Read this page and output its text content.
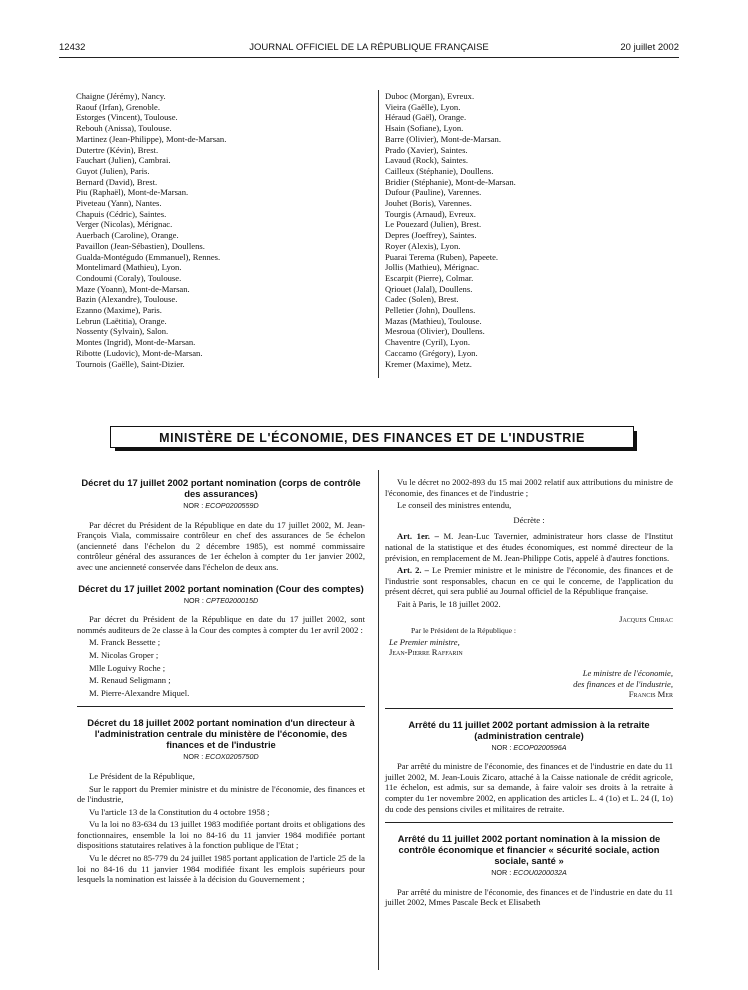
12432	JOURNAL OFFICIEL DE LA RÉPUBLIQUE FRANÇAISE	20 juillet 2002
Chaigne (Jérémy), Nancy.
Raouf (Irfan), Grenoble.
Estorges (Vincent), Toulouse.
Rebouh (Anissa), Toulouse.
Martinez (Jean-Philippe), Mont-de-Marsan.
Dutertre (Kévin), Brest.
Fauchart (Julien), Cambrai.
Guyot (Julien), Paris.
Bernard (David), Brest.
Piu (Raphaël), Mont-de-Marsan.
Piveteau (Yann), Nantes.
Chapuis (Cédric), Saintes.
Verger (Nicolas), Mérignac.
Auerbach (Caroline), Orange.
Pavaillon (Jean-Sébastien), Doullens.
Gualda-Montégudo (Emmanuel), Rennes.
Montelimard (Mathieu), Lyon.
Condoumi (Coraly), Toulouse.
Maze (Yoann), Mont-de-Marsan.
Bazin (Alexandre), Toulouse.
Ezanno (Maxime), Paris.
Lebrun (Laëtitia), Orange.
Nossenty (Sylvain), Salon.
Montes (Ingrid), Mont-de-Marsan.
Ribotte (Ludovic), Mont-de-Marsan.
Tournois (Gaëlle), Saint-Dizier.
Duboc (Morgan), Evreux.
Vieira (Gaëlle), Lyon.
Héraud (Gaël), Orange.
Hsain (Sofiane), Lyon.
Barre (Olivier), Mont-de-Marsan.
Prado (Xavier), Saintes.
Lavaud (Rock), Saintes.
Cailleux (Stéphanie), Doullens.
Bridier (Stéphanie), Mont-de-Marsan.
Dufour (Pauline), Varennes.
Jouhet (Boris), Varennes.
Tourgis (Arnaud), Evreux.
Le Pouezard (Julien), Brest.
Depres (Joeffrey), Saintes.
Royer (Alexis), Lyon.
Puarai Terema (Ruben), Papeete.
Jollis (Mathieu), Mérignac.
Escarpit (Pierre), Colmar.
Qriouet (Jalal), Doullens.
Cadec (Solen), Brest.
Pelletier (John), Doullens.
Mazas (Mathieu), Toulouse.
Mesroua (Olivier), Doullens.
Chaventre (Cyril), Lyon.
Caccamo (Grégory), Lyon.
Kremer (Maxime), Metz.
MINISTÈRE DE L'ÉCONOMIE, DES FINANCES ET DE L'INDUSTRIE
Décret du 17 juillet 2002 portant nomination (corps de contrôle des assurances)
NOR : ECOP0200559D

Par décret du Président de la République en date du 17 juillet 2002, M. Jean-François Viala, commissaire contrôleur en chef des assurances de 5e échelon (ancienneté dans l'échelon du 2 décembre 1985), est nommé commissaire contrôleur général des assurances de 1er échelon à compter du 1er janvier 2002, avec une ancienneté conservée dans l'échelon de deux ans.

Décret du 17 juillet 2002 portant nomination (Cour des comptes)
NOR : CPTE0200015D

Par décret du Président de la République en date du 17 juillet 2002, sont nommés auditeurs de 2e classe à la Cour des comptes à compter du 1er avril 2002 :

M. Franck Bessette ;
M. Nicolas Groper ;
Mlle Loguivy Roche ;
M. Renaud Seligmann ;
M. Pierre-Alexandre Miquel.
Décret du 18 juillet 2002 portant nomination d'un directeur à l'administration centrale du ministère de l'économie, des finances et de l'industrie
NOR : ECOX0205750D

Le Président de la République,

Sur le rapport du Premier ministre et du ministre de l'économie, des finances et de l'industrie,

Vu l'article 13 de la Constitution du 4 octobre 1958 ;

Vu la loi no 83-634 du 13 juillet 1983 modifiée portant droits et obligations des fonctionnaires, ensemble la loi no 84-16 du 11 janvier 1984 modifiée portant dispositions statutaires relatives à la fonction publique de l'Etat ;

Vu le décret no 85-779 du 24 juillet 1985 portant application de l'article 25 de la loi no 84-16 du 11 janvier 1984 modifiée fixant les emplois supérieurs pour lesquels la nomination est laissée à la décision du Gouvernement ;

Vu le décret no 2002-893 du 15 mai 2002 relatif aux attributions du ministre de l'économie, des finances et de l'industrie ;

Le conseil des ministres entendu,

Décrète :

Art. 1er. – M. Jean-Luc Tavernier, administrateur hors classe de l'Institut national de la statistique et des études économiques, est nommé directeur de la prévision, en remplacement de M. Jean-Philippe Cotis, appelé à d'autres fonctions.

Art. 2. – Le Premier ministre et le ministre de l'économie, des finances et de l'industrie sont responsables, chacun en ce qui le concerne, de l'application du présent décret, qui sera publié au Journal officiel de la République française.

Fait à Paris, le 18 juillet 2002.

Jacques Chirac
Par le Président de la République :
Le Premier ministre,
Jean-Pierre Raffarin
Le ministre de l'économie,
des finances et de l'industrie,
Francis Mer
Arrêté du 11 juillet 2002 portant admission à la retraite (administration centrale)
NOR : ECOP0200596A

Par arrêté du ministre de l'économie, des finances et de l'industrie en date du 11 juillet 2002, M. Jean-Louis Zicaro, attaché à la Caisse nationale de crédit agricole, 11e échelon, est admis, sur sa demande, à faire valoir ses droits à la retraite à compter du 1er novembre 2002, en application des articles L. 4 (1o) et L. 24 (I, 1o) du code des pensions civiles et militaires de retraite.

Arrêté du 11 juillet 2002 portant nomination à la mission de contrôle économique et financier « sécurité sociale, action sociale, santé »
NOR : ECOU0200032A

Par arrêté du ministre de l'économie, des finances et de l'industrie en date du 11 juillet 2002, Mmes Pascale Beck et Elisabeth
